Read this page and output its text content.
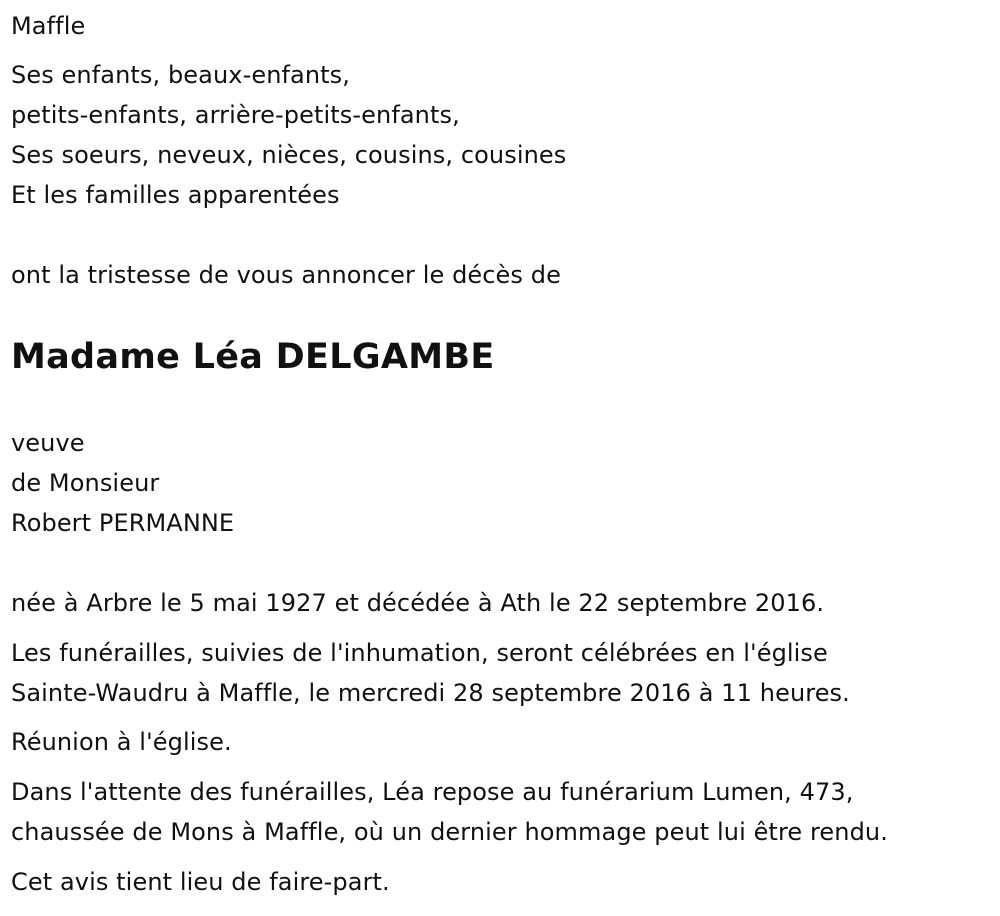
Maffle
Ses enfants, beaux-enfants,
petits-enfants, arrière-petits-enfants,
Ses soeurs, neveux, nièces, cousins, cousines
Et les familles apparentées
ont la tristesse de vous annoncer le décès de
Madame Léa DELGAMBE
veuve
de Monsieur
Robert PERMANNE
née à Arbre le 5 mai 1927 et décédée à Ath le 22 septembre 2016.
Les funérailles, suivies de l'inhumation, seront célébrées en l'église
Sainte-Waudru à Maffle, le mercredi 28 septembre 2016 à 11 heures.
Réunion à l'église.
Dans l'attente des funérailles, Léa repose au funérarium Lumen, 473,
chaussée de Mons à Maffle, où un dernier hommage peut lui être rendu.
Cet avis tient lieu de faire-part.
